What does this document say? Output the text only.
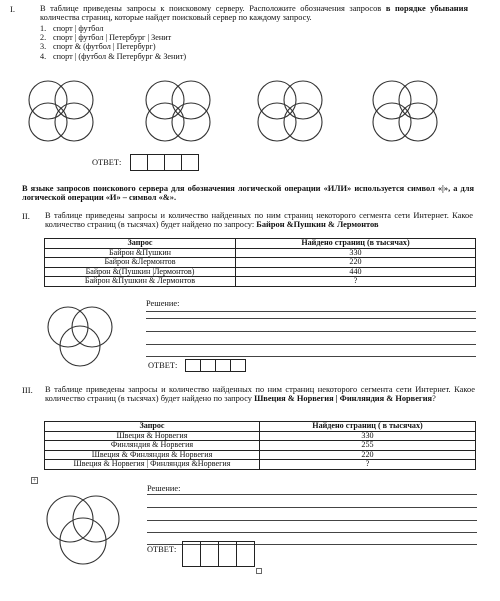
I.	В таблице приведены запросы к поисковому серверу. Расположите обозначения запросов в порядке убывания количества страниц, которые найдет поисковый сервер по каждому запросу.
1. спорт | футбол
2. спорт | футбол | Петербург | Зенит
3. спорт & (футбол | Петербург)
4. спорт | (футбол & Петербург & Зенит)
ОТВЕТ:
В языке запросов поискового сервера для обозначения логической операции «ИЛИ» используется символ «|», а для логической операции «И» – символ «&».
II. В таблице приведены запросы и количество найденных по ним страниц некоторого сегмента сети Интернет. Какое количество страниц (в тысячах) будет найдено по запросу: Байрон &Пушкин & Лермонтов
Запрос	Найдено страниц (в тысячах)
Байрон &Пушкин	330
Байрон &Лермонтов	220
Байрон &(Пушкин |Лермонтов)	440
Байрон &Пушкин & Лермонтов	?
Решение:
ОТВЕТ:
III. В таблице приведены запросы и количество найденных по ним страниц некоторого сегмента сети Интернет. Какое количество страниц (в тысячах) будет найдено по запросу Швеция & Норвегия | Финляндия & Норвегия?
Запрос	Найдено страниц ( в тысячах)
Швеция & Норвегия	330
Финляндия & Норвегия	255
Швеция & Финляндия & Норвегия	220
Швеция & Норвегия | Финляндия &Норвегия	?
+
Решение:
ОТВЕТ:
